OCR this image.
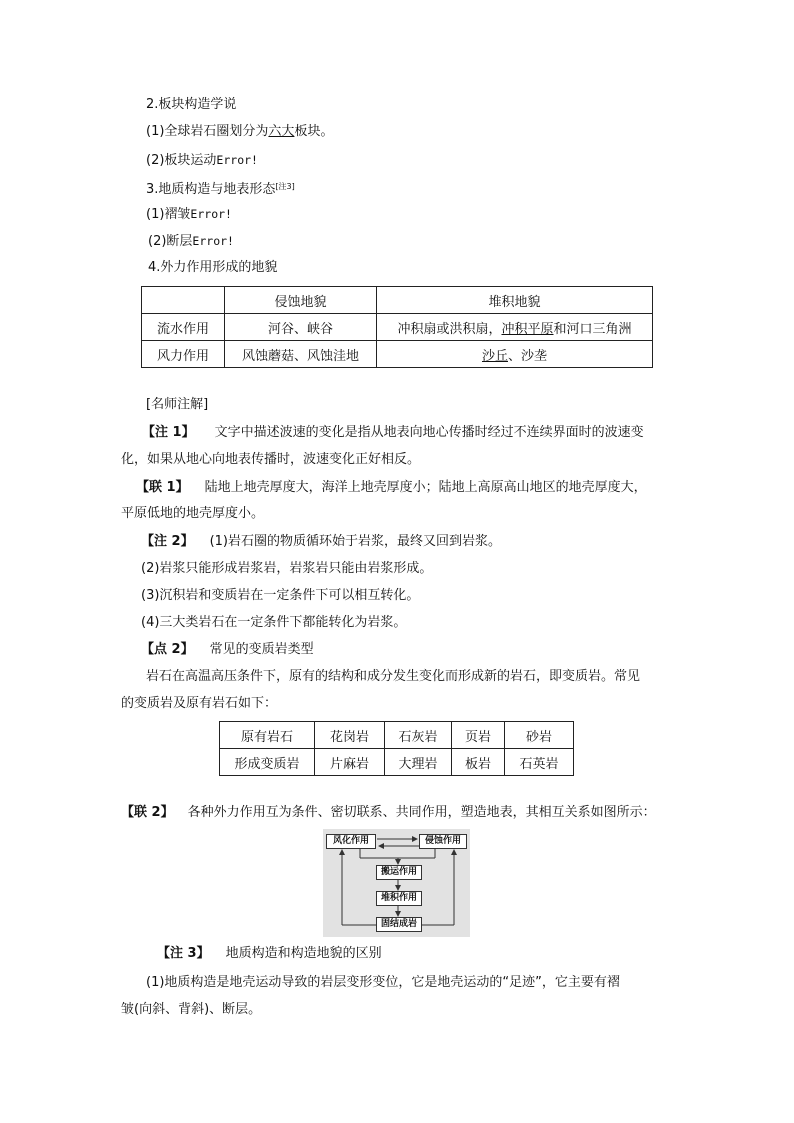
2.板块构造学说
(1)全球岩石圈划分为六大板块。
(2)板块运动Error!
3.地质构造与地表形态[注3]
(1)褶皱Error!
(2)断层Error!
4.外力作用形成的地貌
	侵蚀地貌	堆积地貌
流水作用	河谷、峡谷	冲积扇或洪积扇，冲积平原和河口三角洲
风力作用	风蚀蘑菇、风蚀洼地	沙丘、沙垄
[名师注解]
【注 1】 文字中描述波速的变化是指从地表向地心传播时经过不连续界面时的波速变
化，如果从地心向地表传播时，波速变化正好相反。
【联 1】 陆地上地壳厚度大，海洋上地壳厚度小；陆地上高原高山地区的地壳厚度大，
平原低地的地壳厚度小。
【注 2】 (1)岩石圈的物质循环始于岩浆，最终又回到岩浆。
(2)岩浆只能形成岩浆岩，岩浆岩只能由岩浆形成。
(3)沉积岩和变质岩在一定条件下可以相互转化。
(4)三大类岩石在一定条件下都能转化为岩浆。
【点 2】 常见的变质岩类型
岩石在高温高压条件下，原有的结构和成分发生变化而形成新的岩石，即变质岩。常见
的变质岩及原有岩石如下：
原有岩石	花岗岩	石灰岩	页岩	砂岩
形成变质岩	片麻岩	大理岩	板岩	石英岩
【联 2】 各种外力作用互为条件、密切联系、共同作用，塑造地表，其相互关系如图所示：
风化作用	侵蚀作用
搬运作用
堆积作用
固结成岩
【注 3】 地质构造和构造地貌的区别
(1)地质构造是地壳运动导致的岩层变形变位，它是地壳运动的“足迹”，它主要有褶
皱(向斜、背斜)、断层。
